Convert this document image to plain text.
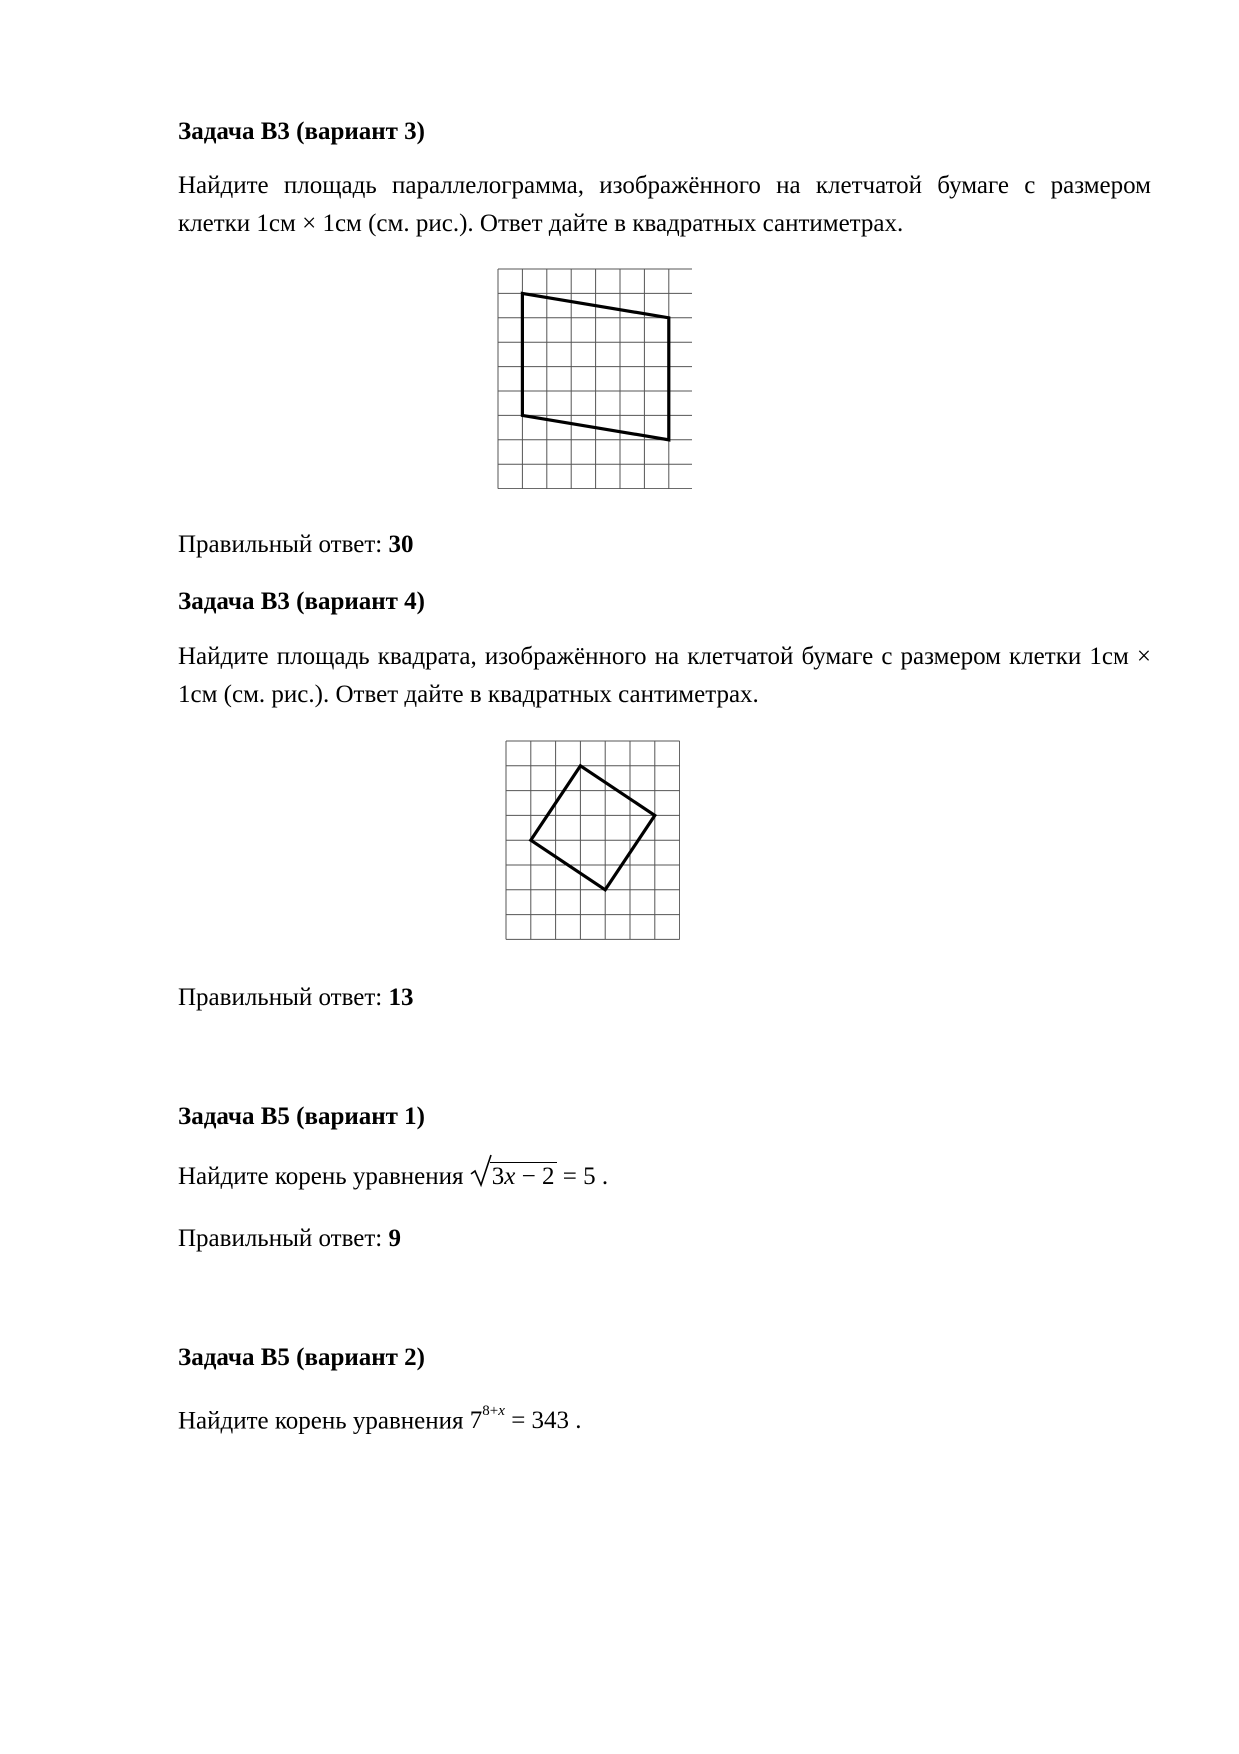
Задача B3 (вариант 3)

Найдите площадь параллелограмма, изображённого на клетчатой бумаге с размером клетки 1см × 1см (см. рис.). Ответ дайте в квадратных сантиметрах.

Правильный ответ: 30

Задача B3 (вариант 4)

Найдите площадь квадрата, изображённого на клетчатой бумаге с размером клетки 1см × 1см (см. рис.). Ответ дайте в квадратных сантиметрах.

Правильный ответ: 13

Задача B5 (вариант 1)

Найдите корень уравнения
3x − 2 = 5 .

Правильный ответ: 9

Задача B5 (вариант 2)

Найдите корень уравнения $7^{8+x} = 343$ .
